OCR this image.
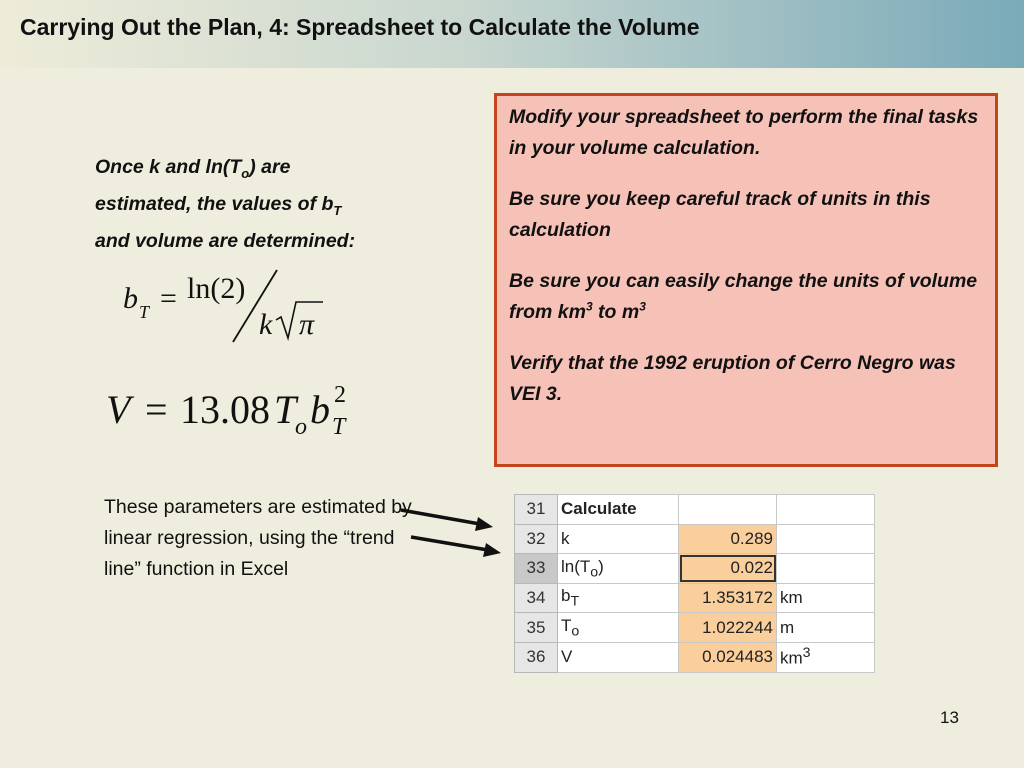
Carrying Out the Plan, 4: Spreadsheet to Calculate the Volume
Once k and $\ln(T_o)$ are
estimated, the values of $b_T$
and volume are determined:
b T = ln(2)
k π
V = 13.08 T
o b T
2

Modify your spreadsheet to perform the final tasks in your volume calculation.

Be sure you keep careful track of units in this calculation

Be sure you can easily change the units of volume from $km^3$ to $m^3$

Verify that the 1992 eruption of Cerro Negro was VEI 3.

These parameters are estimated by linear regression, using the “trend line” function in Excel
31	Calculate		
32	k	0.289	
33	$\ln(T_o)$	0.022	
34	$b_T$	1.353172	km
35	$T_o$	1.022244	m
36	V	0.024483	$km^3$
13
